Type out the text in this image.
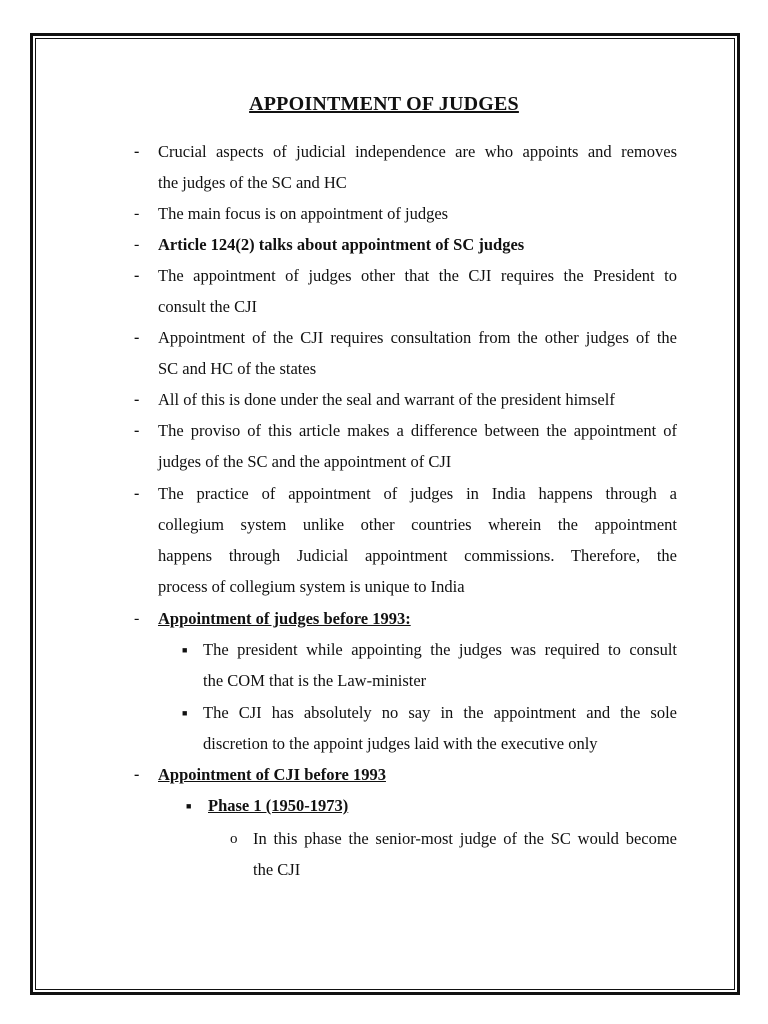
APPOINTMENT OF JUDGES
-	Crucial aspects of judicial independence are who appoints and removes
the judges of the SC and HC
-	The main focus is on appointment of judges
-	Article 124(2) talks about appointment of SC judges
-	The appointment of judges other that the CJI requires the President to
consult the CJI
-	Appointment of the CJI requires consultation from the other judges of the
SC and HC of the states
-	All of this is done under the seal and warrant of the president himself
-	The proviso of this article makes a difference between the appointment of
judges of the SC and the appointment of CJI
-	The practice of appointment of judges in India happens through a
collegium system unlike other countries wherein the appointment
happens through Judicial appointment commissions. Therefore, the
process of collegium system is unique to India
-	Appointment of judges before 1993:
■ The president while appointing the judges was required to consult
the COM that is the Law-minister
■ The CJI has absolutely no say in the appointment and the sole
discretion to the appoint judges laid with the executive only
-	Appointment of CJI before 1993
■ Phase 1 (1950-1973)
o In this phase the senior-most judge of the SC would become
the CJI
